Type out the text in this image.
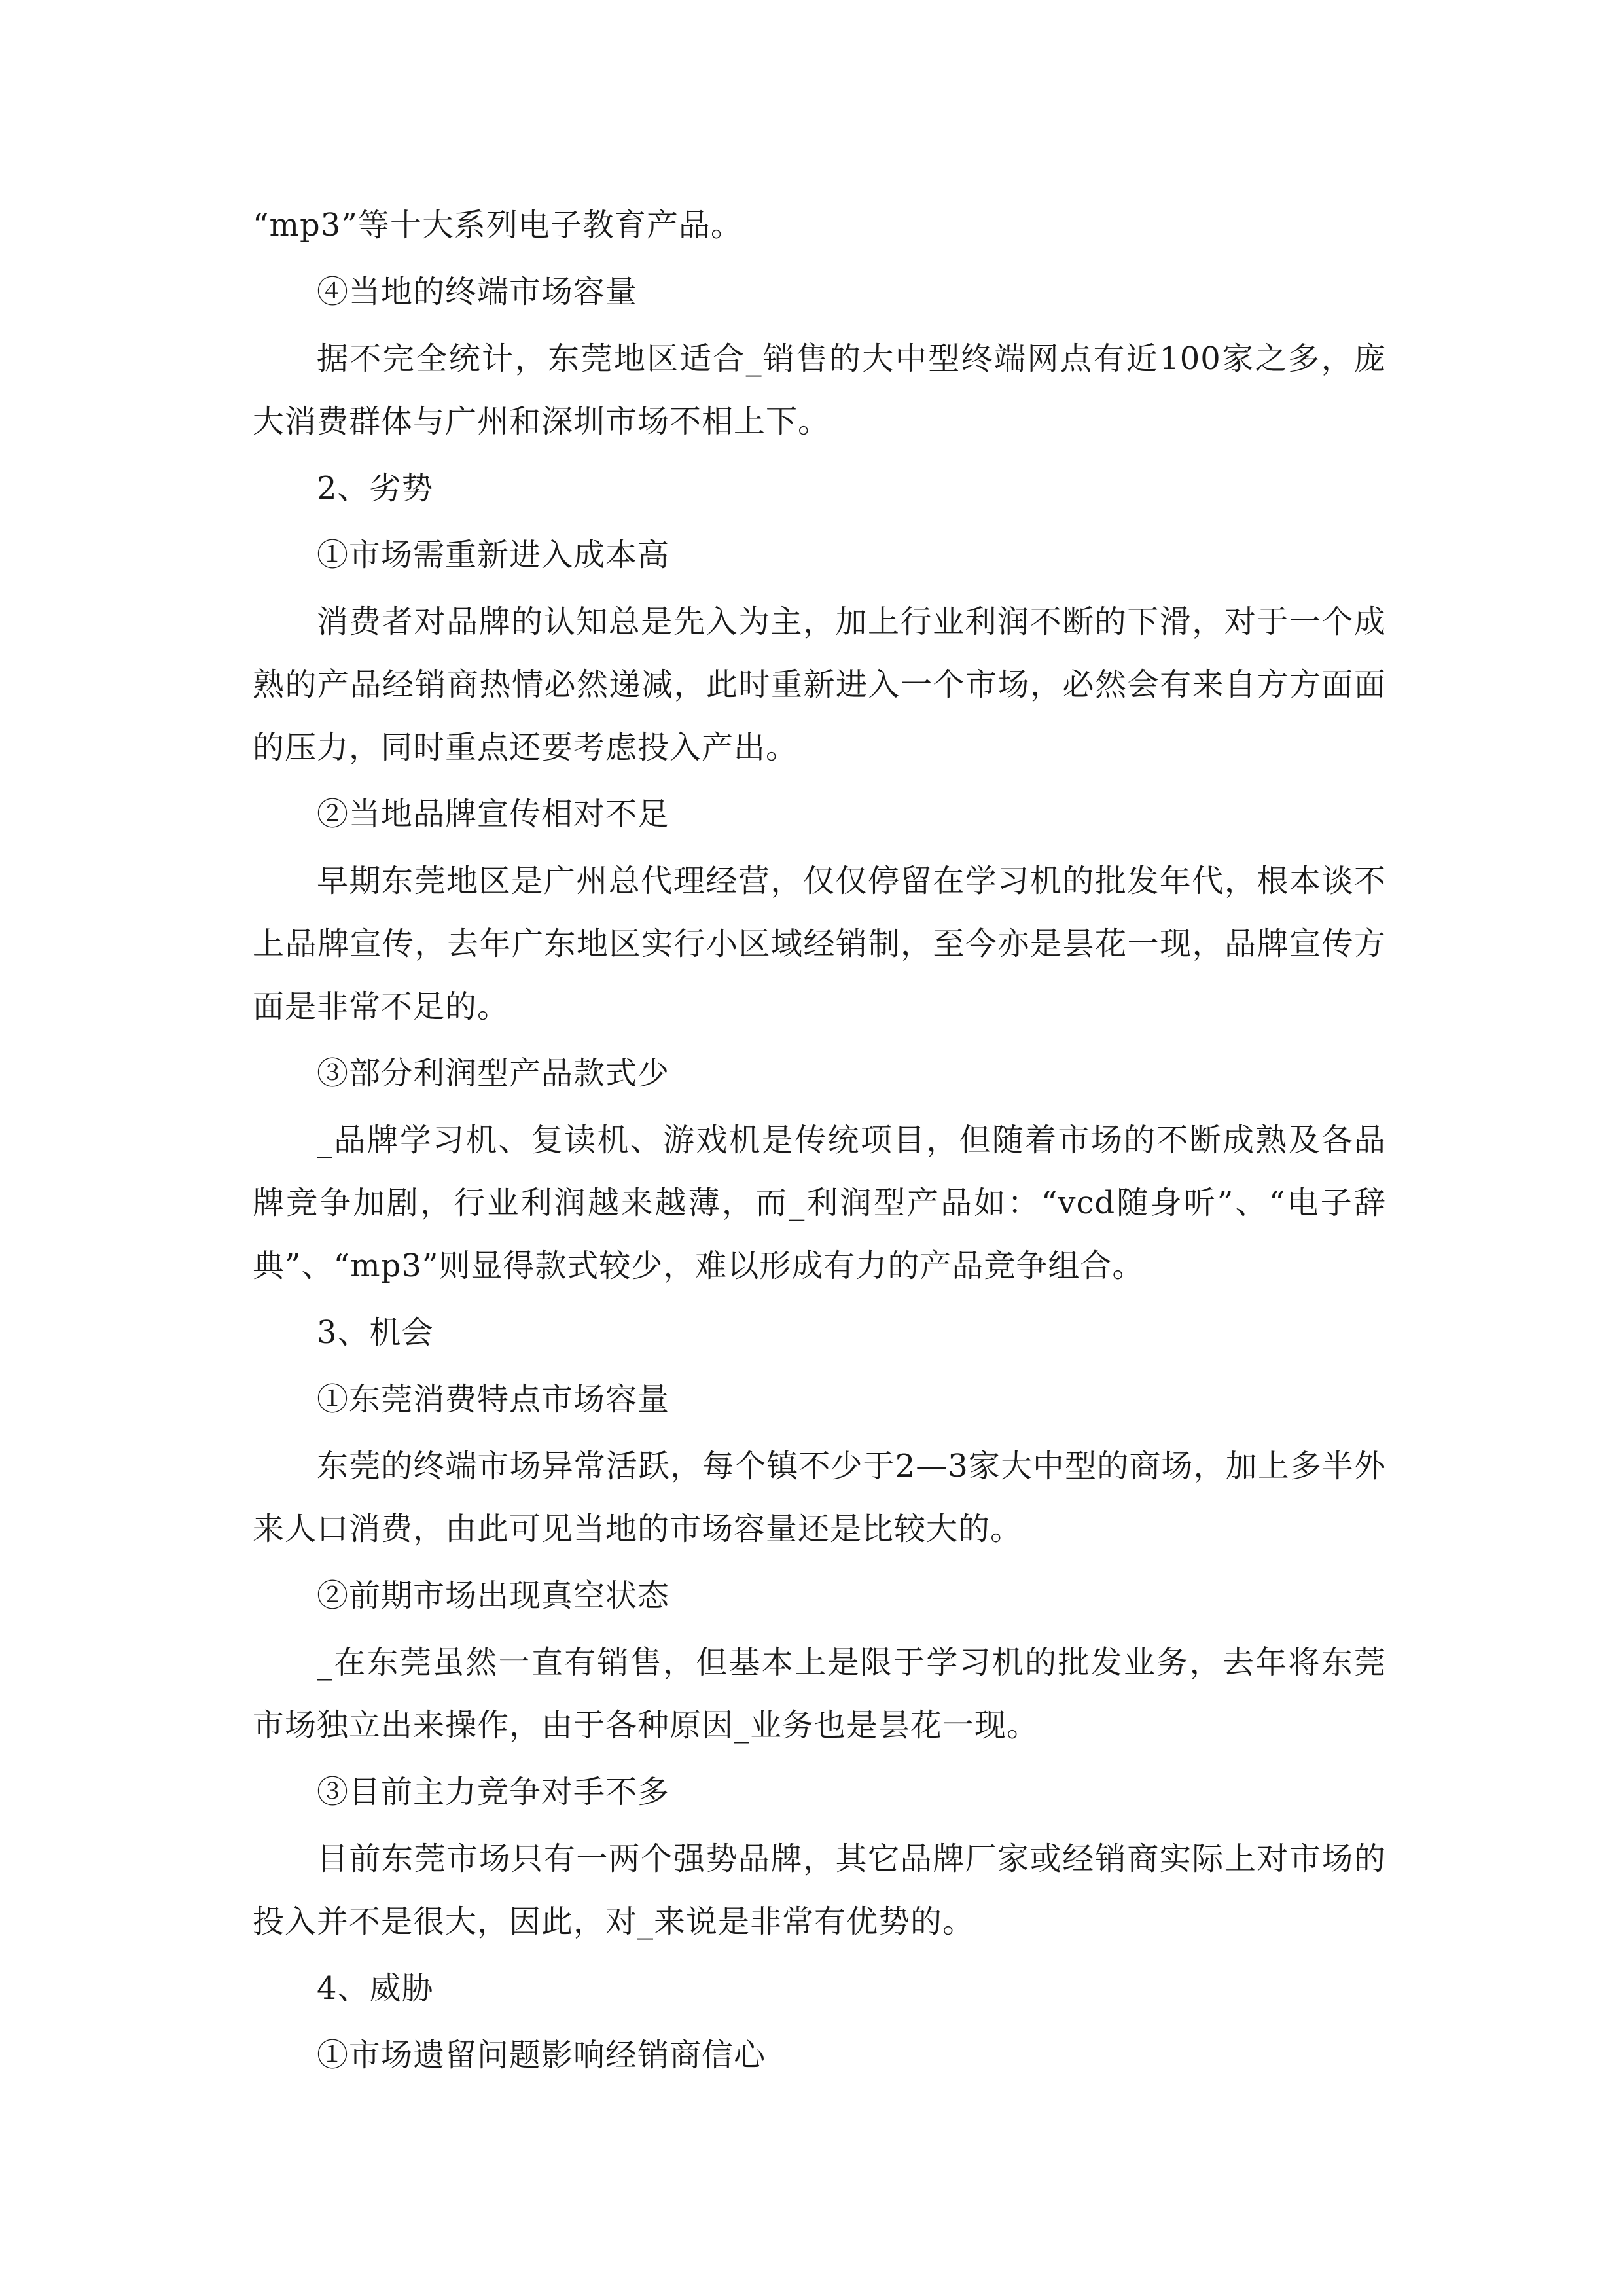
“mp3”等十大系列电子教育产品。

④当地的终端市场容量

据不完全统计，东莞地区适合_销售的大中型终端网点有近100家之多，庞大消费群体与广州和深圳市场不相上下。

2、劣势

①市场需重新进入成本高

消费者对品牌的认知总是先入为主，加上行业利润不断的下滑，对于一个成熟的产品经销商热情必然递减，此时重新进入一个市场，必然会有来自方方面面的压力，同时重点还要考虑投入产出。

②当地品牌宣传相对不足

早期东莞地区是广州总代理经营，仅仅停留在学习机的批发年代，根本谈不上品牌宣传，去年广东地区实行小区域经销制，至今亦是昙花一现，品牌宣传方面是非常不足的。

③部分利润型产品款式少

_品牌学习机、复读机、游戏机是传统项目，但随着市场的不断成熟及各品牌竞争加剧，行业利润越来越薄，而_利润型产品如：“vcd随身听”、“电子辞典”、“mp3”则显得款式较少，难以形成有力的产品竞争组合。

3、机会

①东莞消费特点市场容量

东莞的终端市场异常活跃，每个镇不少于2—3家大中型的商场，加上多半外来人口消费，由此可见当地的市场容量还是比较大的。

②前期市场出现真空状态

_在东莞虽然一直有销售，但基本上是限于学习机的批发业务，去年将东莞市场独立出来操作，由于各种原因_业务也是昙花一现。

③目前主力竞争对手不多

目前东莞市场只有一两个强势品牌，其它品牌厂家或经销商实际上对市场的投入并不是很大，因此，对_来说是非常有优势的。

4、威胁

①市场遗留问题影响经销商信心
